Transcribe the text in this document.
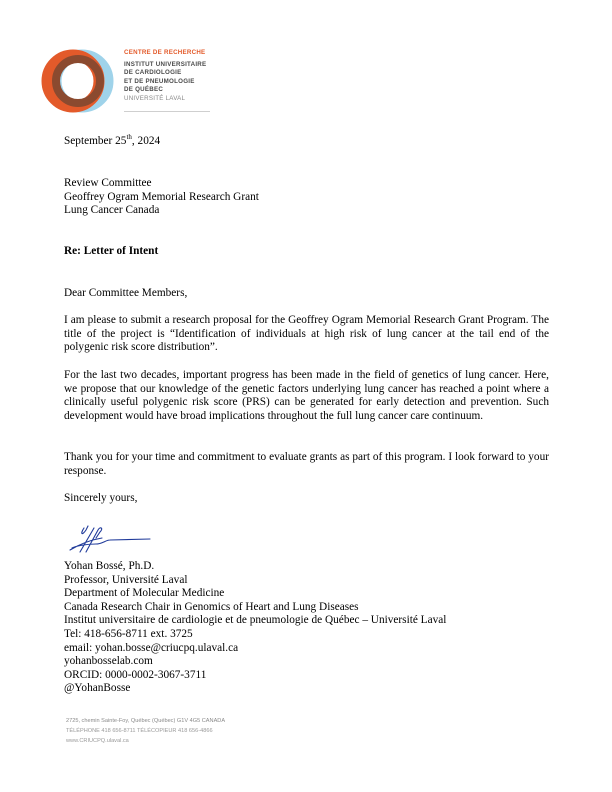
CENTRE DE RECHERCHE
INSTITUT UNIVERSITAIRE
DE CARDIOLOGIE
ET DE PNEUMOLOGIE
DE QUÉBEC
UNIVERSITÉ LAVAL
September 25th, 2024
Review Committee
Geoffrey Ogram Memorial Research Grant
Lung Cancer Canada
Re: Letter of Intent
Dear Committee Members,
I am please to submit a research proposal for the Geoffrey Ogram Memorial Research Grant Program. The title of the project is “Identification of individuals at high risk of lung cancer at the tail end of the polygenic risk score distribution”.
For the last two decades, important progress has been made in the field of genetics of lung cancer. Here, we propose that our knowledge of the genetic factors underlying lung cancer has reached a point where a clinically useful polygenic risk score (PRS) can be generated for early detection and prevention. Such development would have broad implications throughout the full lung cancer care continuum.
Thank you for your time and commitment to evaluate grants as part of this program. I look forward to your response.
Sincerely yours,
Yohan Bossé, Ph.D.
Professor, Université Laval
Department of Molecular Medicine
Canada Research Chair in Genomics of Heart and Lung Diseases
Institut universitaire de cardiologie et de pneumologie de Québec – Université Laval
Tel: 418-656-8711 ext. 3725
email: yohan.bosse@criucpq.ulaval.ca
yohanbosselab.com
ORCID: 0000-0002-3067-3711
@YohanBosse
2725, chemin Sainte-Foy, Québec (Québec) G1V 4G5 CANADA
TÉLÉPHONE 418 656-8711 TÉLÉCOPIEUR 418 656-4866
www.CRIUCPQ.ulaval.ca
